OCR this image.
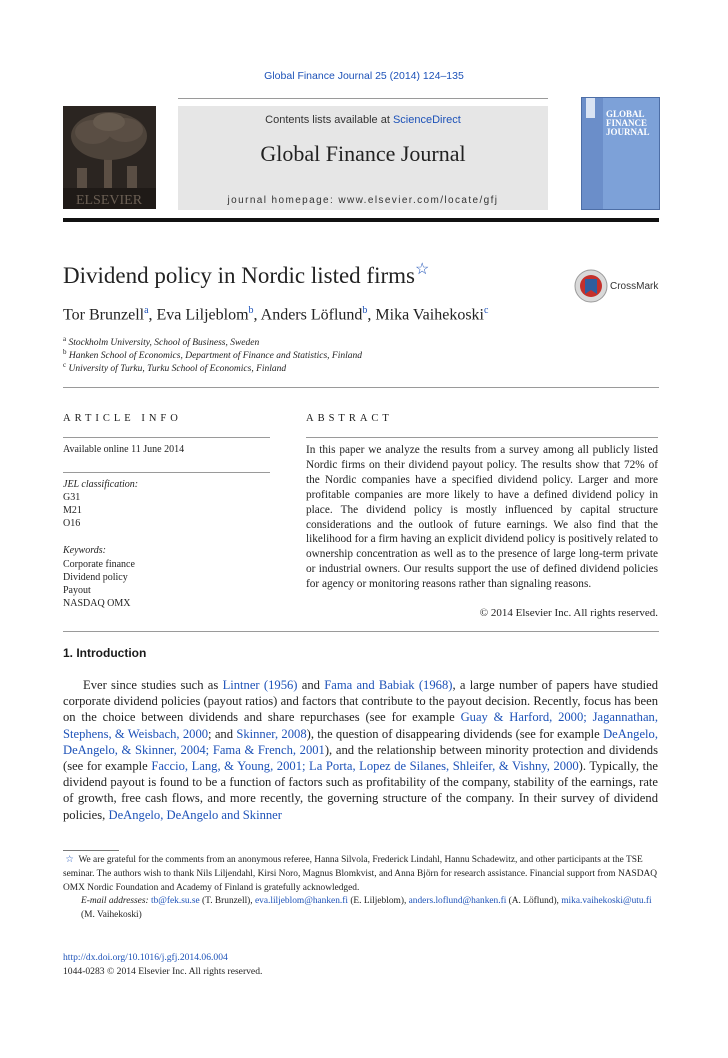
Global Finance Journal 25 (2014) 124–135
ELSEVIER
Contents lists available at ScienceDirect
Global Finance Journal
journal homepage: www.elsevier.com/locate/gfj
GLOBAL
FINANCE
JOURNAL
Dividend policy in Nordic listed firms☆
CrossMark
Tor Brunzell$^a$, Eva Liljeblom$^b$, Anders Löflund$^b$, Mika Vaihekoski$^c$
$^a$ Stockholm University, School of Business, Sweden
$^b$ Hanken School of Economics, Department of Finance and Statistics, Finland
$^c$ University of Turku, Turku School of Economics, Finland
ARTICLE INFO
Available online 11 June 2014
JEL classification:
G31
M21
O16
Keywords:
Corporate finance
Dividend policy
Payout
NASDAQ OMX
ABSTRACT
In this paper we analyze the results from a survey among all publicly listed Nordic firms on their dividend payout policy. The results show that 72% of the Nordic companies have a specified dividend policy. Larger and more profitable companies are more likely to have a defined dividend policy in place. The dividend policy is mostly influenced by capital structure considerations and the outlook of future earnings. We also find that the likelihood for a firm having an explicit dividend policy is positively related to ownership concentration as well as to the presence of large long-term private or industrial owners. Our results support the use of defined dividend policies for agency or monitoring reasons rather than signaling reasons.
© 2014 Elsevier Inc. All rights reserved.
1. Introduction

Ever since studies such as Lintner (1956) and Fama and Babiak (1968), a large number of papers have studied corporate dividend policies (payout ratios) and factors that contribute to the payout decision. Recently, focus has been on the choice between dividends and share repurchases (see for example Guay & Harford, 2000; Jagannathan, Stephens, & Weisbach, 2000; and Skinner, 2008), the question of disappearing dividends (see for example DeAngelo, DeAngelo, & Skinner, 2004; Fama & French, 2001), and the relationship between minority protection and dividends (see for example Faccio, Lang, & Young, 2001; La Porta, Lopez de Silanes, Shleifer, & Vishny, 2000). Typically, the dividend payout is found to be a function of factors such as profitability of the company, stability of the earnings, rate of growth, free cash flows, and more recently, the governing structure of the company. In their survey of dividend policies, DeAngelo, DeAngelo and Skinner

☆ We are grateful for the comments from an anonymous referee, Hanna Silvola, Frederick Lindahl, Hannu Schadewitz, and other participants at the TSE seminar. The authors wish to thank Nils Liljendahl, Kirsi Noro, Magnus Blomkvist, and Anna Björn for research assistance. Financial support from NASDAQ OMX Nordic Foundation and Academy of Finland is gratefully acknowledged.
E-mail addresses: tb@fek.su.se (T. Brunzell), eva.liljeblom@hanken.fi (E. Liljeblom), anders.loflund@hanken.fi (A. Löflund), mika.vaihekoski@utu.fi (M. Vaihekoski)
http://dx.doi.org/10.1016/j.gfj.2014.06.004
1044-0283 © 2014 Elsevier Inc. All rights reserved.
